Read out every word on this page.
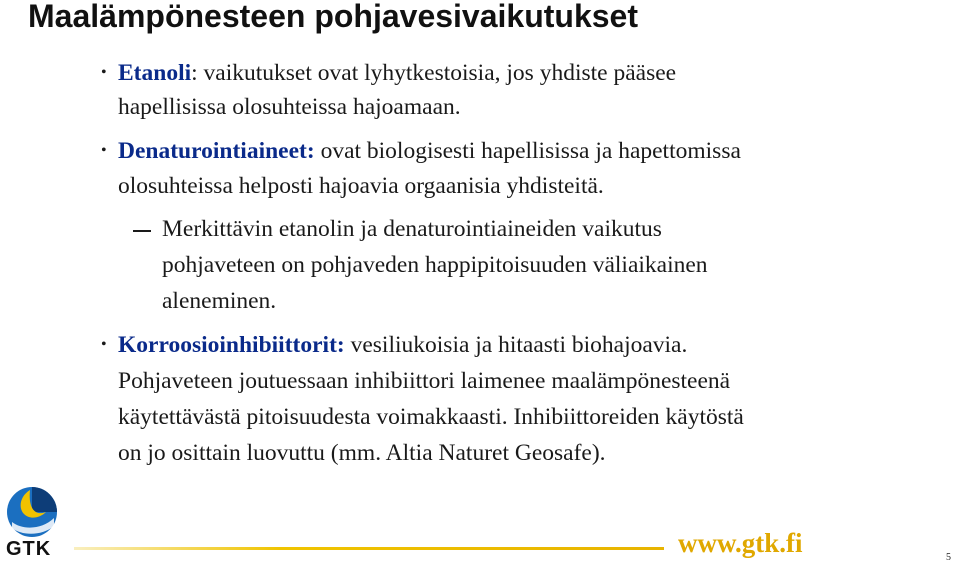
Maalämpönesteen pohjavesivaikutukset
• Etanoli: vaikutukset ovat lyhytkestoisia, jos yhdiste pääsee
hapellisissa olosuhteissa hajoamaan.
• Denaturointiaineet: ovat biologisesti hapellisissa ja hapettomissa
olosuhteissa helposti hajoavia orgaanisia yhdisteitä.
Merkittävin etanolin ja denaturointiaineiden vaikutus
pohjaveteen on pohjaveden happipitoisuuden väliaikainen
aleneminen.
• Korroosioinhibiittorit: vesiliukoisia ja hitaasti biohajoavia.
Pohjaveteen joutuessaan inhibiittori laimenee maalämpönesteenä
käytettävästä pitoisuudesta voimakkaasti. Inhibiittoreiden käytöstä
on jo osittain luovuttu (mm. Altia Naturet Geosafe).
GTK	www.gtk.fi	5
